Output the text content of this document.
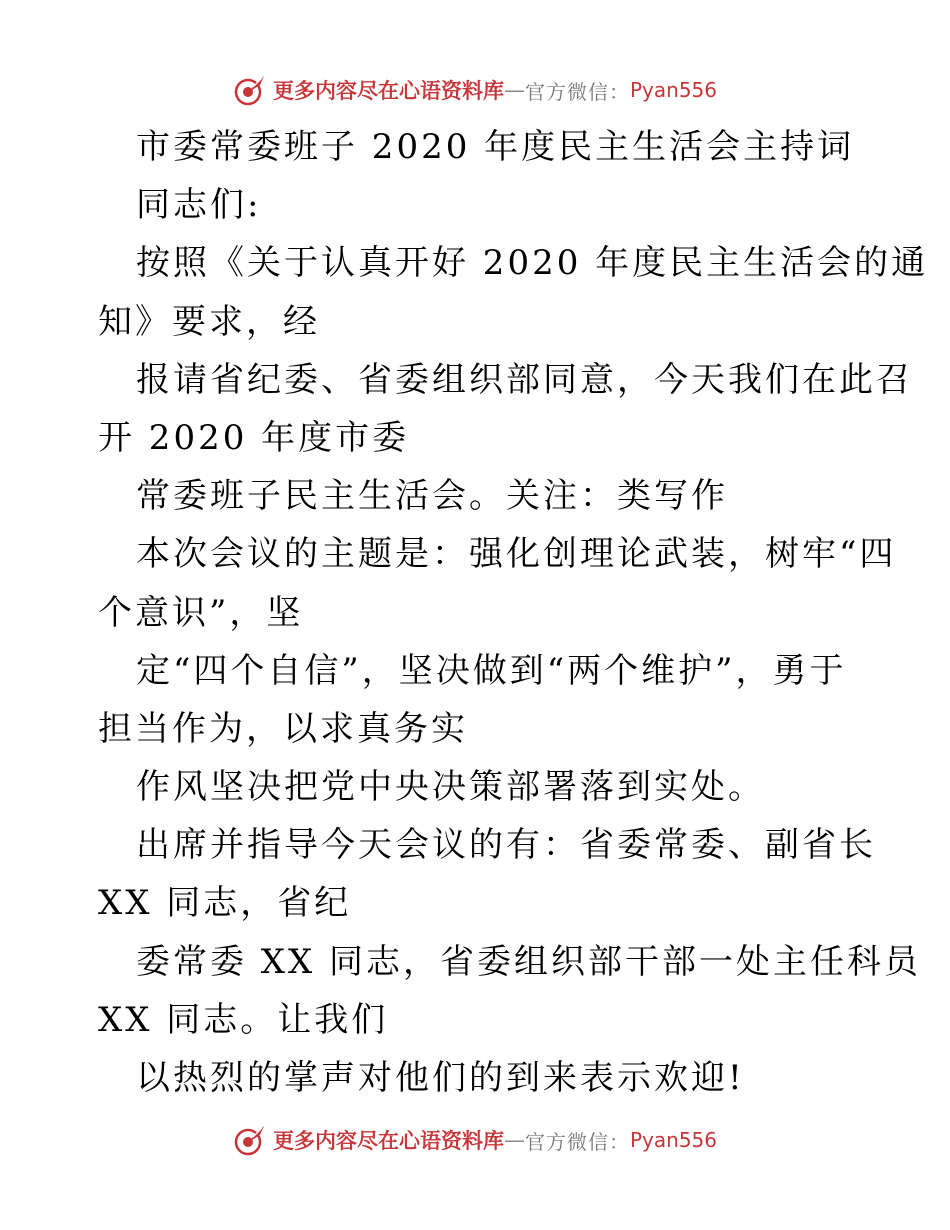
更多内容尽在心语资料库 — 官方微信： Pyan556
市委常委班子 2020 年度民主生活会主持词
同志们:
按照《关于认真开好 2020 年度民主生活会的通
知》要求，经
报请省纪委、省委组织部同意，今天我们在此召
开 2020 年度市委
常委班子民主生活会。关注：类写作
本次会议的主题是：强化创理论武装，树牢“四
个意识”，坚
定“四个自信”，坚决做到“两个维护”，勇于
担当作为，以求真务实
作风坚决把党中央决策部署落到实处。
出席并指导今天会议的有：省委常委、副省长
XX 同志，省纪
委常委 XX 同志，省委组织部干部一处主任科员
XX 同志。让我们
以热烈的掌声对他们的到来表示欢迎!
更多内容尽在心语资料库 — 官方微信： Pyan556
